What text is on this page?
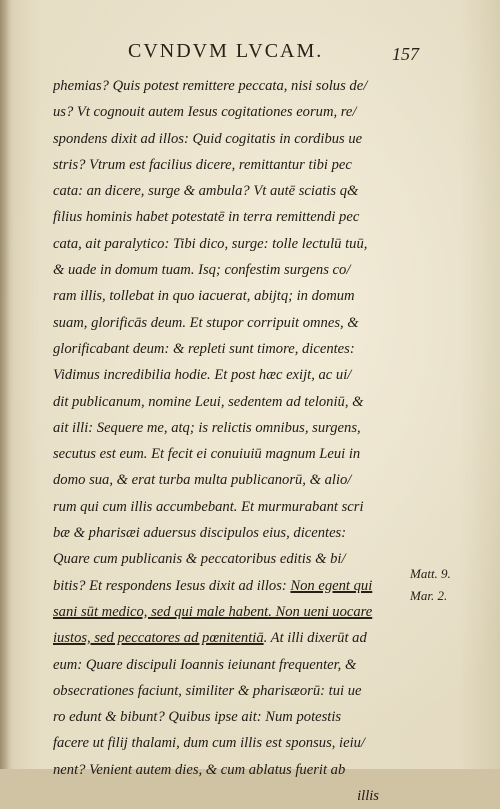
CVNDVM LVCAM.	157
phemias? Quis potest remittere peccata, nisi solus de/
us? Vt cognouit autem Iesus cogitationes eorum, re/
spondens dixit ad illos: Quid cogitatis in cordibus ue
stris? Vtrum est facilius dicere, remittantur tibi pec
cata: an dicere, surge & ambula? Vt autē sciatis q&
filius hominis habet potestatē in terra remittendi pec
cata, ait paralytico: Tibi dico, surge: tolle lectulū tuū,
& uade in domum tuam. Isq; confestim surgens co/
ram illis, tollebat in quo iacuerat, abijtq; in domum
suam, glorificās deum. Et stupor corripuit omnes, &
glorificabant deum: & repleti sunt timore, dicentes:
Vidimus incredibilia hodie. Et post hæc exijt, ac ui/
dit publicanum, nomine Leui, sedentem ad teloniū, &
ait illi: Sequere me, atq; is relictis omnibus, surgens,
secutus est eum. Et fecit ei conuiuiū magnum Leui in
domo sua, & erat turba multa publicanorū, & alio/
rum qui cum illis accumbebant. Et murmurabant scri
bæ & pharisæi aduersus discipulos eius, dicentes:
Quare cum publicanis & peccatoribus editis & bi/
bitis? Et respondens Iesus dixit ad illos: Non egent qui
sani sūt medico, sed qui male habent. Non ueni uocare
iustos, sed peccatores ad pœnitentiā. At illi dixerūt ad
eum: Quare discipuli Ioannis ieiunant frequenter, &
obsecrationes faciunt, similiter & pharisæorū: tui ue
ro edunt & bibunt? Quibus ipse ait: Num potestis
facere ut filij thalami, dum cum illis est sponsus, ieiu/
nent? Venient autem dies, & cum ablatus fuerit ab
illis
Matt. 9.
Mar. 2.
